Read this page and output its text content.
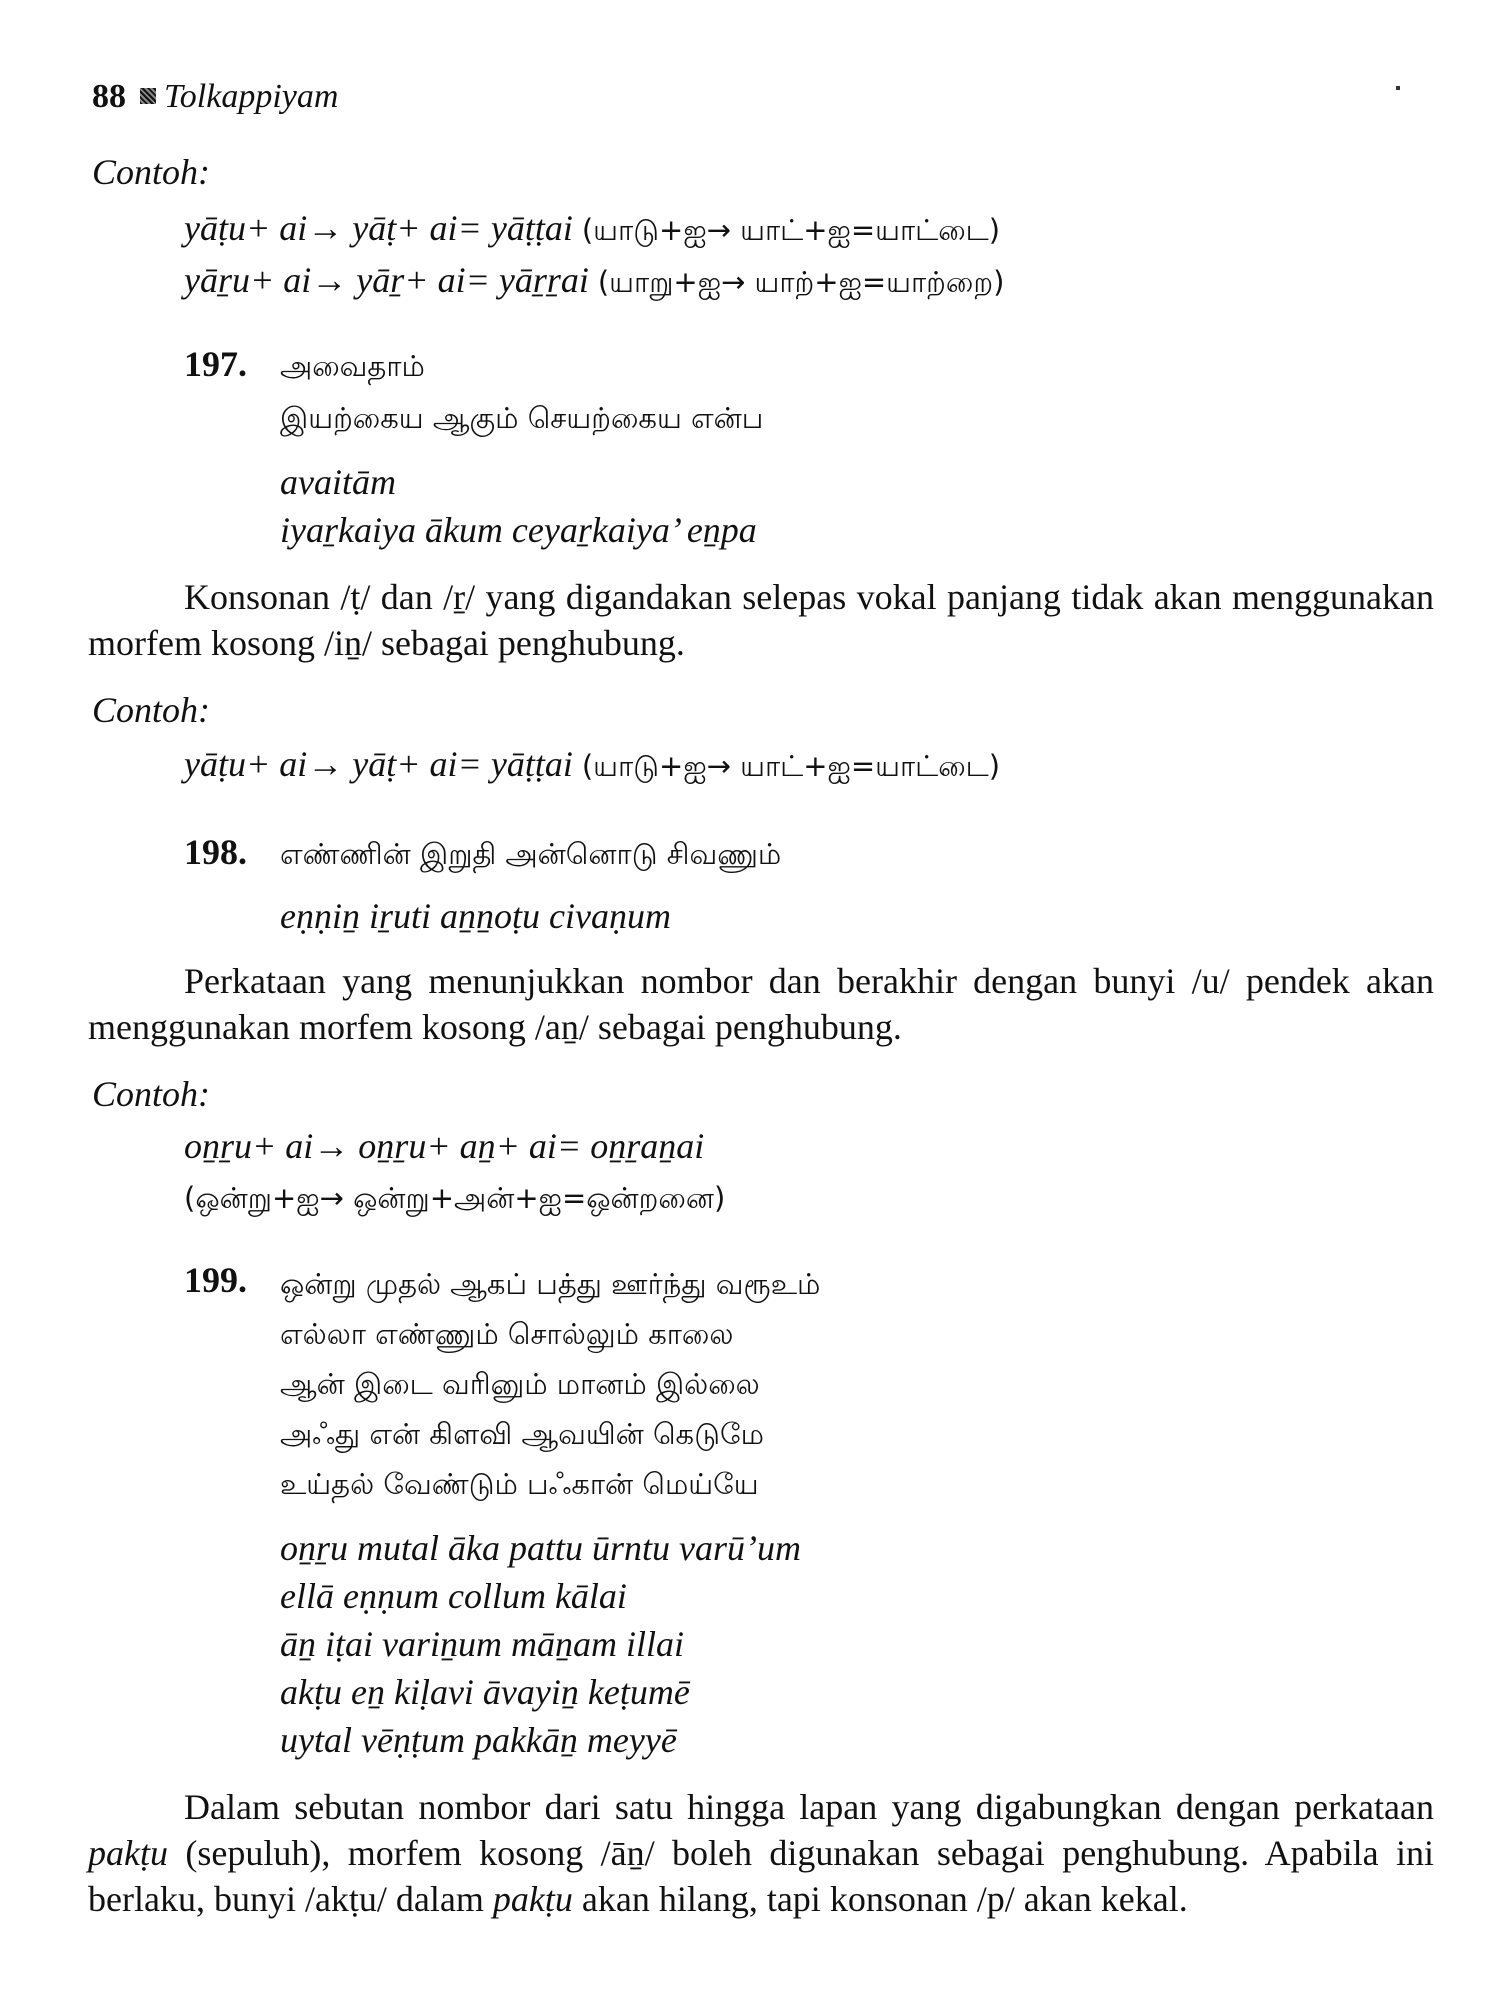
88 Tolkappiyam
Contoh:
yāṭu+ ai→ yāṭ+ ai= yāṭṭai (யாடு+ஐ→ யாட்+ஐ=யாட்டை)
yāṟu+ ai→ yāṟ+ ai= yāṟṟai (யாறு+ஐ→ யாற்+ஐ=யாற்றை)
197. அவைதாம்
இயற்கைய ஆகும் செயற்கைய என்ப
avaitām
iyaṟkaiya ākum ceyaṟkaiya’ eṉpa
Konsonan /ṭ/ dan /ṟ/ yang digandakan selepas vokal panjang tidak akan menggunakan morfem kosong /iṉ/ sebagai penghubung.
Contoh:
yāṭu+ ai→ yāṭ+ ai= yāṭṭai (யாடு+ஐ→ யாட்+ஐ=யாட்டை)
198. எண்ணின் இறுதி அன்னொடு சிவணும்
eṇṇiṉ iṟuti aṉṉoṭu civaṇum
Perkataan yang menunjukkan nombor dan berakhir dengan bunyi /u/ pendek akan menggunakan morfem kosong /aṉ/ sebagai penghubung.
Contoh:
oṉṟu+ ai→ oṉṟu+ aṉ+ ai= oṉṟaṉai
(ஒன்று+ஐ→ ஒன்று+அன்+ஐ=ஒன்றனை)
199. ஒன்று முதல் ஆகப் பத்து ஊர்ந்து வரூஉம்
எல்லா எண்ணும் சொல்லும் காலை
ஆன் இடை வரினும் மானம் இல்லை
அஃது என் கிளவி ஆவயின் கெடுமே
உய்தல் வேண்டும் பஃகான் மெய்யே
oṉṟu mutal āka pattu ūrntu varū’um
ellā eṇṇum collum kālai
āṉ iṭai variṉum māṉam illai
akṭu eṉ kiḷavi āvayiṉ keṭumē
uytal vēṇṭum pakkāṉ meyyē
Dalam sebutan nombor dari satu hingga lapan yang digabungkan dengan perkataan pakṭu (sepuluh), morfem kosong /āṉ/ boleh digunakan sebagai penghubung. Apabila ini berlaku, bunyi /akṭu/ dalam pakṭu akan hilang, tapi konsonan /p/ akan kekal.
